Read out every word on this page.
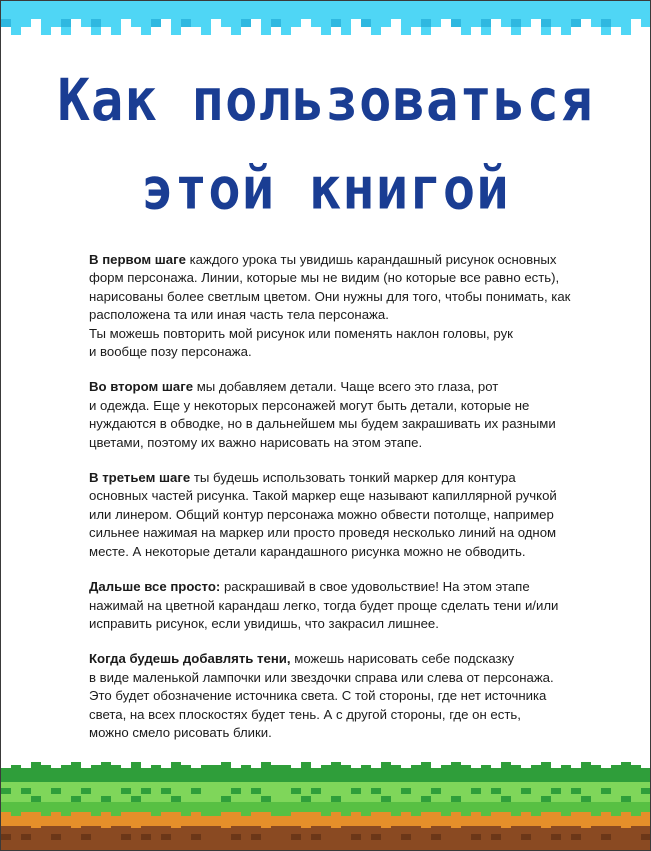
Как пользоваться
этой книгой
В первом шаге каждого урока ты увидишь карандашный рисунок основных
форм персонажа. Линии, которые мы не видим (но которые все равно есть),
нарисованы более светлым цветом. Они нужны для того, чтобы понимать, как
расположена та или иная часть тела персонажа.
Ты можешь повторить мой рисунок или поменять наклон головы, рук
и вообще позу персонажа.
Во втором шаге мы добавляем детали. Чаще всего это глаза, рот
и одежда. Еще у некоторых персонажей могут быть детали, которые не
нуждаются в обводке, но в дальнейшем мы будем закрашивать их разными
цветами, поэтому их важно нарисовать на этом этапе.
В третьем шаге ты будешь использовать тонкий маркер для контура
основных частей рисунка. Такой маркер еще называют капиллярной ручкой
или линером. Общий контур персонажа можно обвести потолще, например
сильнее нажимая на маркер или просто проведя несколько линий на одном
месте. А некоторые детали карандашного рисунка можно не обводить.
Дальше все просто: раскрашивай в свое удовольствие! На этом этапе
нажимай на цветной карандаш легко, тогда будет проще сделать тени и/или
исправить рисунок, если увидишь, что закрасил лишнее.
Когда будешь добавлять тени, можешь нарисовать себе подсказку
в виде маленькой лампочки или звездочки справа или слева от персонажа.
Это будет обозначение источника света. С той стороны, где нет источника
света, на всех плоскостях будет тень. А с другой стороны, где он есть,
можно смело рисовать блики.
